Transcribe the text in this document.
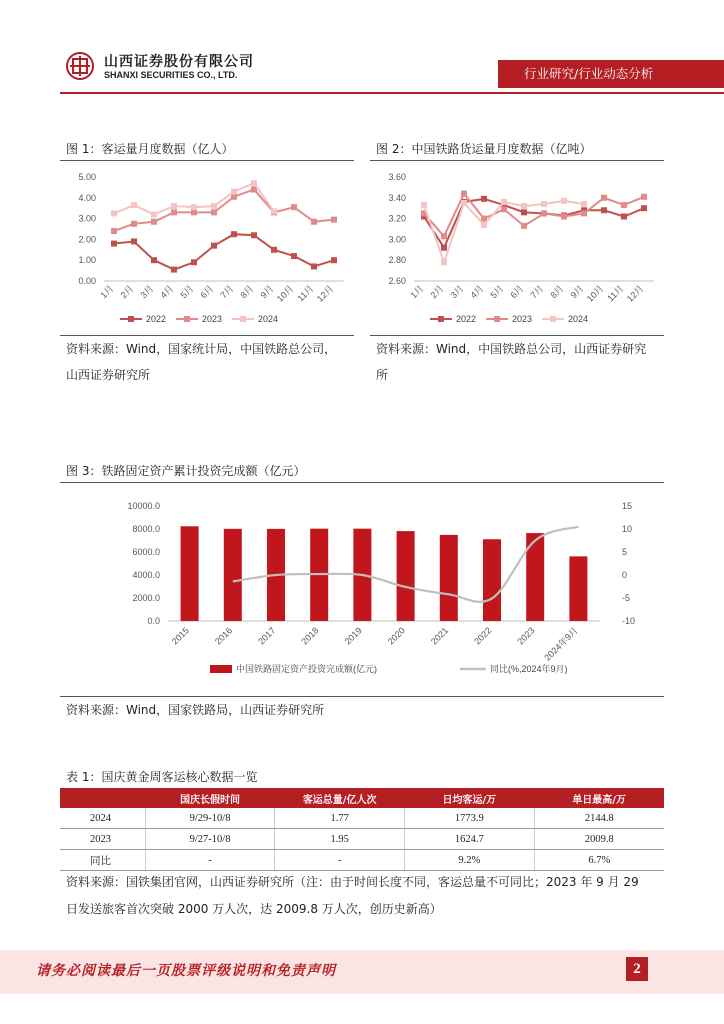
山西证券股份有限公司
SHANXI SECURITIES CO., LTD.	行业研究/行业动态分析
图 1：客运量月度数据（亿人）
0.00
1.00
2.00
3.00
4.00
5.00
1月 2月 3月 4月 5月 6月 7月 8月 9月 10月 11月 12月
2022	2023	2024
资料来源：Wind，国家统计局，中国铁路总公司，
山西证券研究所
图 2：中国铁路货运量月度数据（亿吨）
2.60
2.80
3.00
3.20
3.40
3.60
1月 2月 3月 4月 5月 6月 7月 8月 9月 10月 11月 12月
2022	2023	2024
资料来源：Wind，中国铁路总公司，山西证券研究
所
图 3：铁路固定资产累计投资完成额（亿元）
0.0
2000.0
4000.0
6000.0
8000.0
10000.0
-10
-5
0
5
10
15
2015 2016 2017 2018 2019 2020 2021 2022 2023 2024年9月
中国铁路固定资产投资完成额(亿元)	同比(%,2024年9月)
资料来源：Wind，国家铁路局，山西证券研究所
表 1：国庆黄金周客运核心数据一览
	国庆长假时间	客运总量/亿人次	日均客运/万	单日最高/万
2024	9/29-10/8	1.77	1773.9	2144.8
2023	9/27-10/8	1.95	1624.7	2009.8
同比	-	-	9.2%	6.7%
资料来源：国铁集团官网，山西证券研究所（注：由于时间长度不同，客运总量不可同比；2023 年 9 月 29
日发送旅客首次突破 2000 万人次，达 2009.8 万人次，创历史新高）
请务必阅读最后一页股票评级说明和免责声明	2
